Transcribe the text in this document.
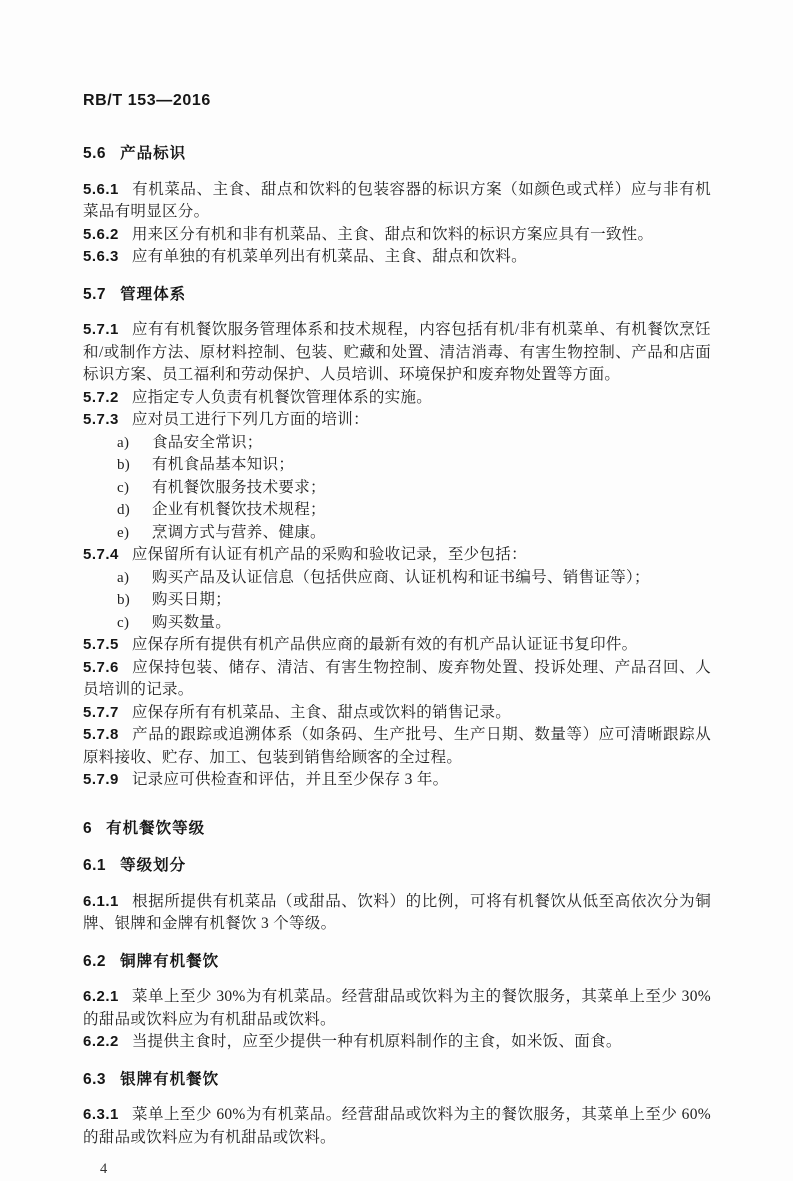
RB/T 153—2016
5.6 产品标识
5.6.1 有机菜品、主食、甜点和饮料的包装容器的标识方案（如颜色或式样）应与非有机菜品有明显区分。
5.6.2 用来区分有机和非有机菜品、主食、甜点和饮料的标识方案应具有一致性。
5.6.3 应有单独的有机菜单列出有机菜品、主食、甜点和饮料。
5.7 管理体系
5.7.1 应有有机餐饮服务管理体系和技术规程，内容包括有机/非有机菜单、有机餐饮烹饪和/或制作方法、原材料控制、包装、贮藏和处置、清洁消毒、有害生物控制、产品和店面标识方案、员工福利和劳动保护、人员培训、环境保护和废弃物处置等方面。
5.7.2 应指定专人负责有机餐饮管理体系的实施。
5.7.3 应对员工进行下列几方面的培训：
a) 食品安全常识；
b) 有机食品基本知识；
c) 有机餐饮服务技术要求；
d) 企业有机餐饮技术规程；
e) 烹调方式与营养、健康。
5.7.4 应保留所有认证有机产品的采购和验收记录，至少包括：
a) 购买产品及认证信息（包括供应商、认证机构和证书编号、销售证等）；
b) 购买日期；
c) 购买数量。
5.7.5 应保存所有提供有机产品供应商的最新有效的有机产品认证证书复印件。
5.7.6 应保持包装、储存、清洁、有害生物控制、废弃物处置、投诉处理、产品召回、人员培训的记录。
5.7.7 应保存所有有机菜品、主食、甜点或饮料的销售记录。
5.7.8 产品的跟踪或追溯体系（如条码、生产批号、生产日期、数量等）应可清晰跟踪从原料接收、贮存、加工、包装到销售给顾客的全过程。
5.7.9 记录应可供检查和评估，并且至少保存 3 年。
6 有机餐饮等级
6.1 等级划分
6.1.1 根据所提供有机菜品（或甜品、饮料）的比例，可将有机餐饮从低至高依次分为铜牌、银牌和金牌有机餐饮 3 个等级。
6.2 铜牌有机餐饮
6.2.1 菜单上至少 30%为有机菜品。经营甜品或饮料为主的餐饮服务，其菜单上至少 30%的甜品或饮料应为有机甜品或饮料。
6.2.2 当提供主食时，应至少提供一种有机原料制作的主食，如米饭、面食。
6.3 银牌有机餐饮
6.3.1 菜单上至少 60%为有机菜品。经营甜品或饮料为主的餐饮服务，其菜单上至少 60%的甜品或饮料应为有机甜品或饮料。
4
